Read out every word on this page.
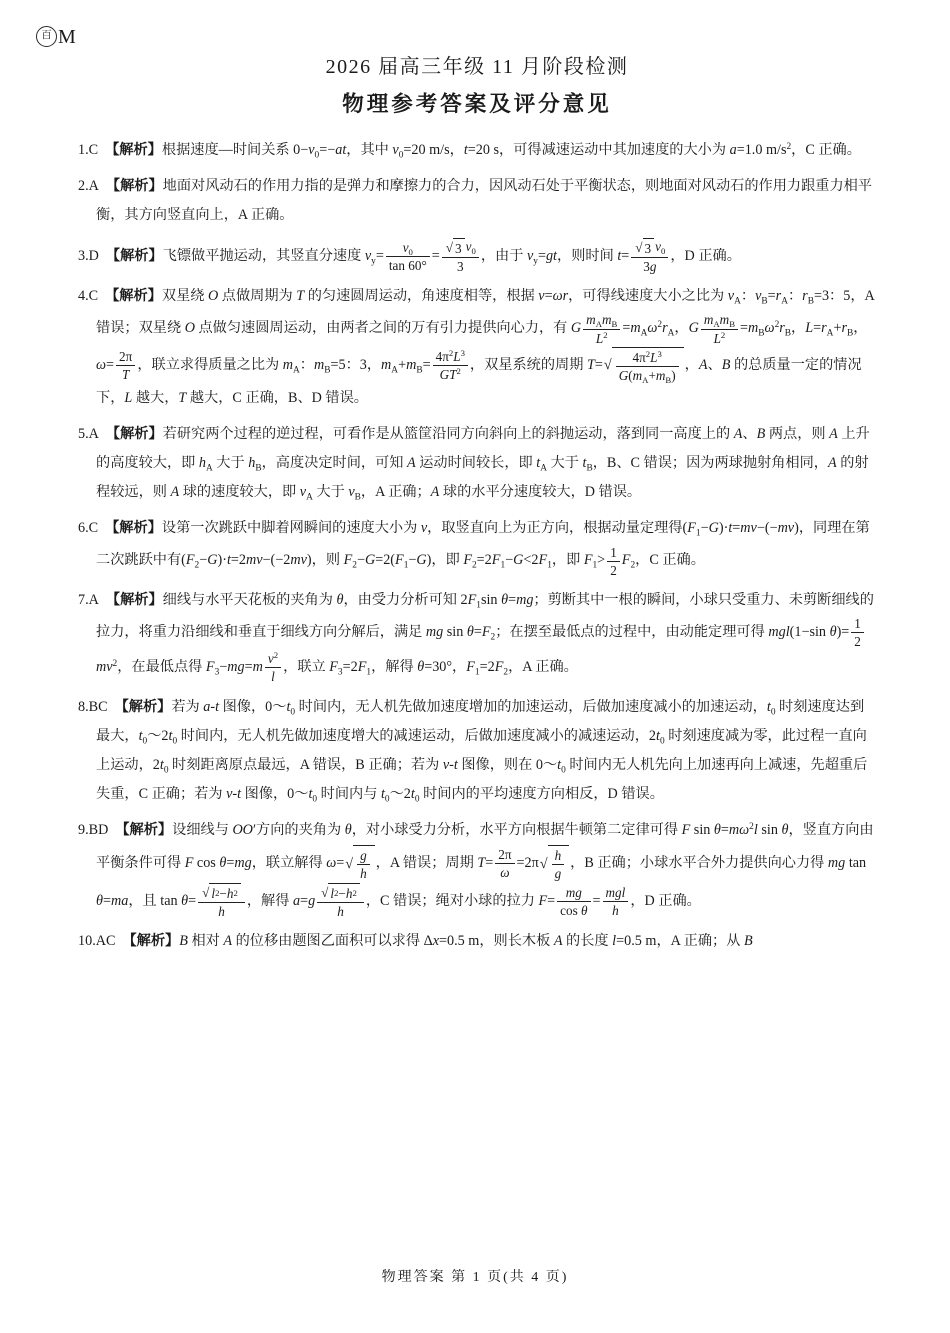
百 M
2026 届高三年级 11 月阶段检测
物理参考答案及评分意见
1.C 【解析】根据速度—时间关系 $0-v_0=-at$，其中 $v_0=20$ m/s，t=20 s，可得减速运动中其加速度的大小为 a=1.0 $m/s^2$，C 正确。
2.A 【解析】地面对风动石的作用力指的是弹力和摩擦力的合力，因风动石处于平衡状态，则地面对风动石的作用力跟重力相平衡，其方向竖直向上，A 正确。
3.D 【解析】飞镖做平抛运动，其竖直分速度 $v_y= \frac{v_0}{\tan 60^\circ} = \frac{√ 3 v_0}{3}$ ，由于 $v_y=gt$，则时间 $t= \frac{√ 3 v_0}{3g}$ ，D 正确。
4.C 【解析】双星绕 O 点做周期为 T 的匀速圆周运动，角速度相等，根据 v=ωr，可得线速度大小之比为 $v_A$：$v_B=r_A$：$r_B=3$：5，A 错误；双星绕 O 点做匀速圆周运动，由两者之间的万有引力提供向心力，有 G $\frac{m_Am_B}{L^2} =m_A\omega^2r_A$，G $\frac{m_Am_B}{L^2} =m_B\omega^2r_B$，$L=r_A+r_B$，$\omega= \frac{2\pi}{T}$ ，联立求得质量之比为 $m_A$：$m_B=5$：3，$m_A+m_B= \frac{4\pi^2L^3}{GT^2}$ ，双星系统的周期 T= √ $\frac{4\pi^2L^3}{G(m_A+m_B)}$ ，A、B 的总质量一定的情况下，L 越大，T 越大，C 正确，B、D 错误。
5.A 【解析】若研究两个过程的逆过程，可看作是从篮筐沿同方向斜向上的斜抛运动，落到同一高度上的 A、B 两点，则 A 上升的高度较大，即 $h_A$ 大于 $h_B$，高度决定时间，可知 A 运动时间较长，即 $t_A$ 大于 $t_B$，B、C 错误；因为两球抛射角相同，A 的射程较远，则 A 球的速度较大，即 $v_A$ 大于 $v_B$，A 正确；A 球的水平分速度较大，D 错误。
6.C 【解析】设第一次跳跃中脚着网瞬间的速度大小为 v，取竖直向上为正方向，根据动量定理得$(F_1-G)\cdot t=mv-(-mv)$，同理在第二次跳跃中有$(F_2-G)\cdot t=2mv-(-2mv)$，则 $F_2-G=2(F_1-G)$，即 $F_2=2F_1-G<2F_1$，即 $F_1> \frac{1}{2} F_2$，C 正确。
7.A 【解析】细线与水平天花板的夹角为 θ，由受力分析可知 $2F_1\sin$ θ=mg；剪断其中一根的瞬间，小球只受重力、未剪断细线的拉力，将重力沿细线和垂直于细线方向分解后，满足 mg $\sin \theta=F_2$；在摆至最低点的过程中，由动能定理可得 mgl(1−sin $\theta)= \frac{1}{2}$
$mv^2$，在最低点得 $F_3-mg=m \frac{v^2}{l}$ ，联立 $F_3=2F_1$，解得 θ=30°，$F_1=2F_2$，A 正确。
8.BC 【解析】若为 a-t 图像，$0\sim t_0$ 时间内，无人机先做加速度增加的加速运动，后做加速度减小的加速运动，$t_0$ 时刻速度达到最大，$t_0\sim 2t_0$ 时间内，无人机先做加速度增大的减速运动，后做加速度减小的减速运动，$2t_0$ 时刻速度减为零，此过程一直向上运动，$2t_0$ 时刻距离原点最远，A 错误，B 正确；若为 v-t 图像，则在 $0\sim t_0$ 时间内无人机先向上加速再向上减速，先超重后失重，C 正确；若为 v-t 图像，$0\sim t_0$ 时间内与 $t_0\sim 2t_0$ 时间内的平均速度方向相反，D 错误。
9.BD 【解析】设细线与 OO′方向的夹角为 θ，对小球受力分析，水平方向根据牛顿第二定律可得 F $\sin \theta=m\omega^2l$ sin θ，竖直方向由平衡条件可得 F cos θ=mg，联立解得 ω= √ $\frac{g}{h}$ ，A 错误；周期 $T= \frac{2\pi}{\omega} =2\pi$ √ $\frac{h}{g}$ ，B 正确；小球水平合外力提供向心力得 mg tan θ=ma，且 $\tan \theta= \frac{√ l 2 - h 2}{h}$ ，解得 $a=g \frac{√ l 2 - h 2}{h}$ ，C 错误；绳对小球的拉力 $F= \frac{mg}{\text{cos θ}} = \frac{\text{mgl}}{h}$ ，D 正确。
10.AC 【解析】B 相对 A 的位移由题图乙面积可以求得 Δx=0.5 m，则长木板 A 的长度 l=0.5 m，A 正确；从 B
物理答案 第 1 页(共 4 页)
